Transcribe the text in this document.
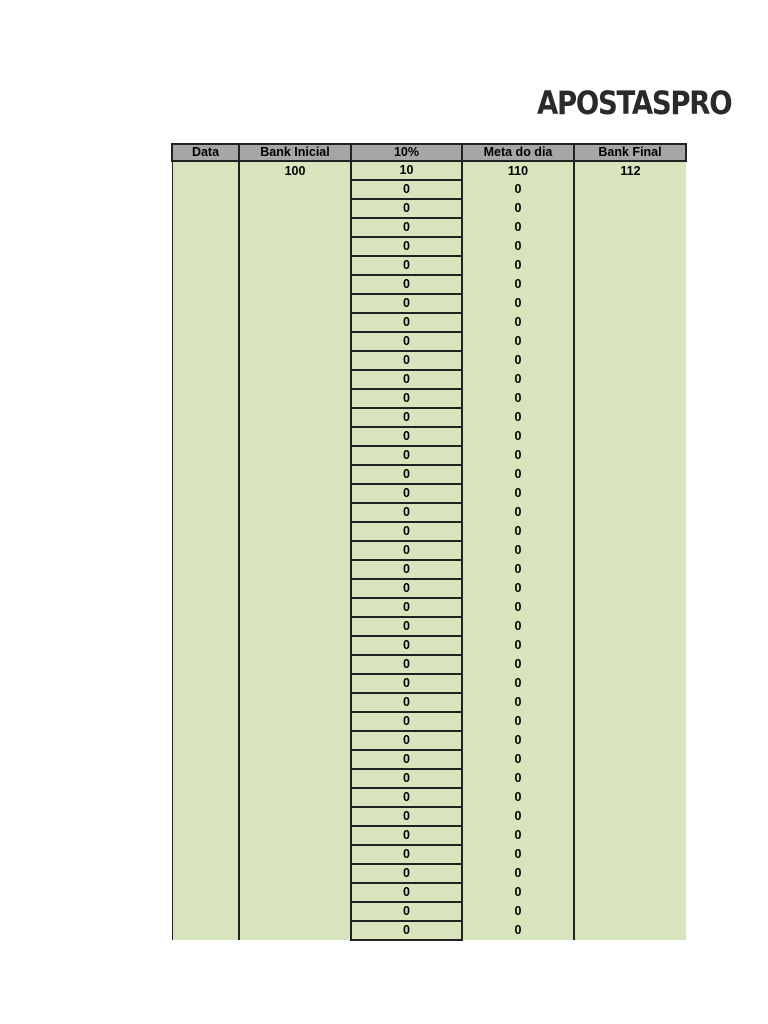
APOSTASPRO
Data	Bank Inicial	10%	Meta do dia	Bank Final
	100	10	110	112
		0	0	
		0	0	
		0	0	
		0	0	
		0	0	
		0	0	
		0	0	
		0	0	
		0	0	
		0	0	
		0	0	
		0	0	
		0	0	
		0	0	
		0	0	
		0	0	
		0	0	
		0	0	
		0	0	
		0	0	
		0	0	
		0	0	
		0	0	
		0	0	
		0	0	
		0	0	
		0	0	
		0	0	
		0	0	
		0	0	
		0	0	
		0	0	
		0	0	
		0	0	
		0	0	
		0	0	
		0	0	
		0	0	
		0	0	
		0	0	
